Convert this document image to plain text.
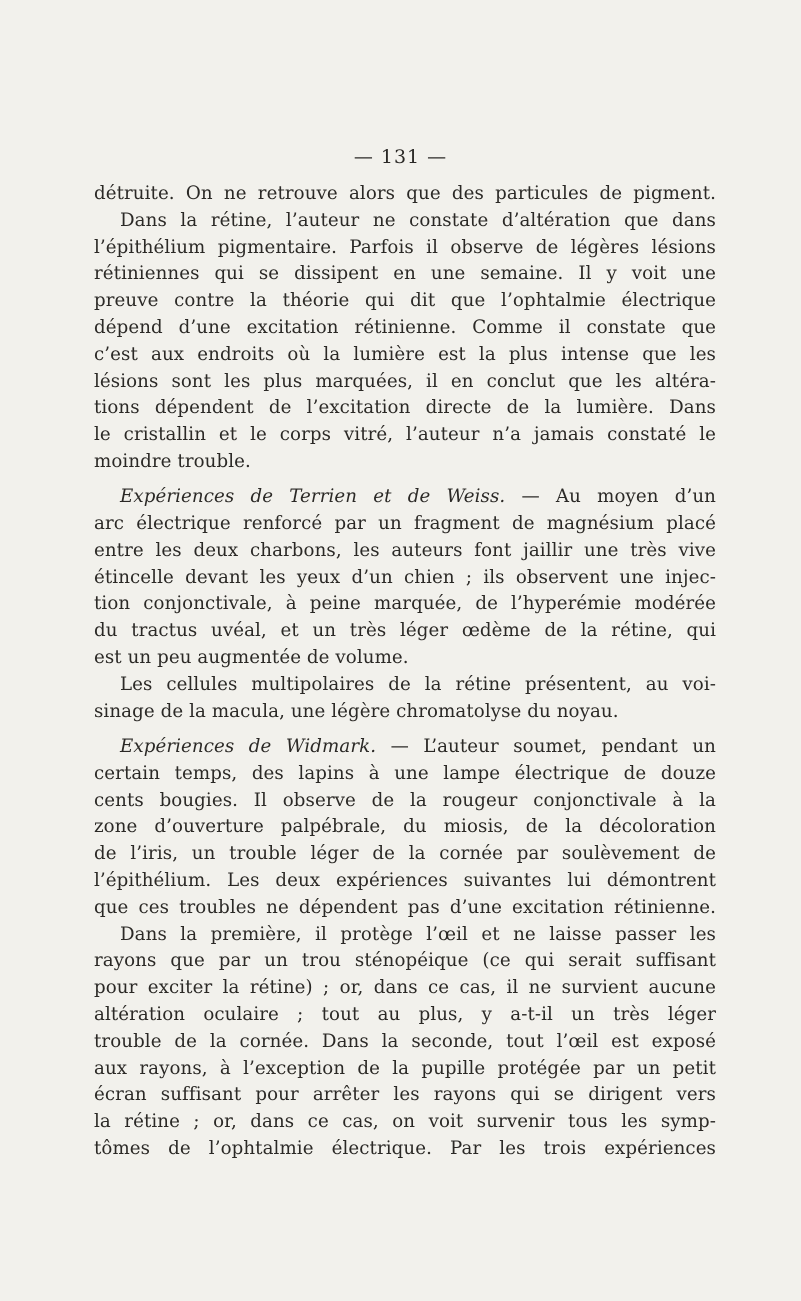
— 131 —
détruite. On ne retrouve alors que des particules de pigment.
Dans la rétine, l’auteur ne constate d’altération que dans
l’épithélium pigmentaire. Parfois il observe de légères lésions
rétiniennes qui se dissipent en une semaine. Il y voit une
preuve contre la théorie qui dit que l’ophtalmie électrique
dépend d’une excitation rétinienne. Comme il constate que
c’est aux endroits où la lumière est la plus intense que les
lésions sont les plus marquées, il en conclut que les altéra-
tions dépendent de l’excitation directe de la lumière. Dans
le cristallin et le corps vitré, l’auteur n’a jamais constaté le
moindre trouble.
Expériences de Terrien et de Weiss. — Au moyen d’un
arc électrique renforcé par un fragment de magnésium placé
entre les deux charbons, les auteurs font jaillir une très vive
étincelle devant les yeux d’un chien ; ils observent une injec-
tion conjonctivale, à peine marquée, de l’hyperémie modérée
du tractus uvéal, et un très léger œdème de la rétine, qui
est un peu augmentée de volume.
Les cellules multipolaires de la rétine présentent, au voi-
sinage de la macula, une légère chromatolyse du noyau.
Expériences de Widmark. — L’auteur soumet, pendant un
certain temps, des lapins à une lampe électrique de douze
cents bougies. Il observe de la rougeur conjonctivale à la
zone d’ouverture palpébrale, du miosis, de la décoloration
de l’iris, un trouble léger de la cornée par soulèvement de
l’épithélium. Les deux expériences suivantes lui démontrent
que ces troubles ne dépendent pas d’une excitation rétinienne.
Dans la première, il protège l’œil et ne laisse passer les
rayons que par un trou sténopéique (ce qui serait suffisant
pour exciter la rétine) ; or, dans ce cas, il ne survient aucune
altération oculaire ; tout au plus, y a-t-il un très léger
trouble de la cornée. Dans la seconde, tout l’œil est exposé
aux rayons, à l’exception de la pupille protégée par un petit
écran suffisant pour arrêter les rayons qui se dirigent vers
la rétine ; or, dans ce cas, on voit survenir tous les symp-
tômes de l’ophtalmie électrique. Par les trois expériences
